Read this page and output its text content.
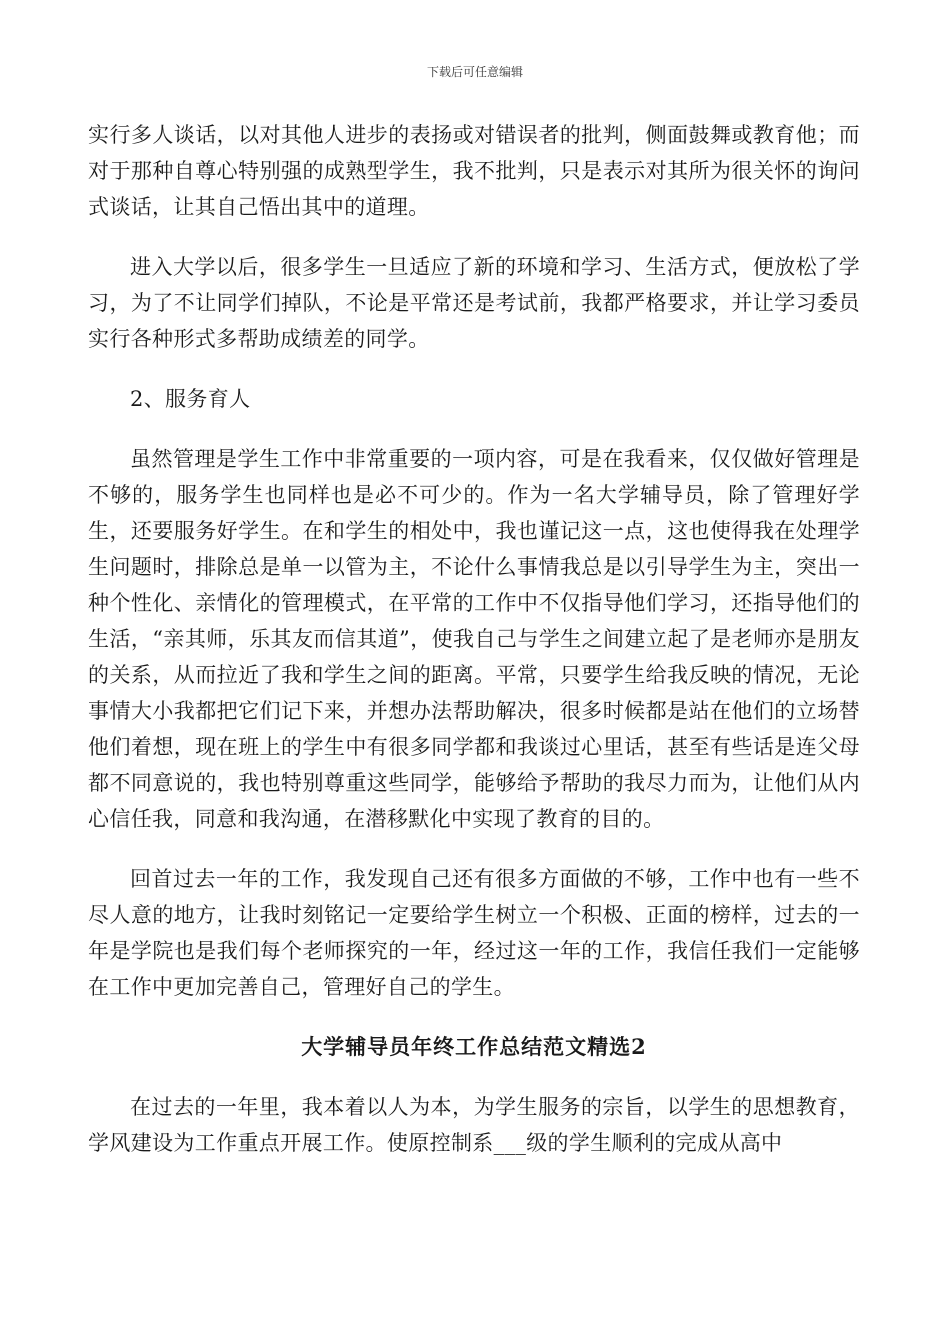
下载后可任意编辑

实行多人谈话，以对其他人进步的表扬或对错误者的批判，侧面鼓舞或教育他；而对于那种自尊心特别强的成熟型学生，我不批判，只是表示对其所为很关怀的询问式谈话，让其自己悟出其中的道理。

进入大学以后，很多学生一旦适应了新的环境和学习、生活方式，便放松了学习，为了不让同学们掉队，不论是平常还是考试前，我都严格要求，并让学习委员实行各种形式多帮助成绩差的同学。

2、服务育人

虽然管理是学生工作中非常重要的一项内容，可是在我看来，仅仅做好管理是不够的，服务学生也同样也是必不可少的。作为一名大学辅导员，除了管理好学生，还要服务好学生。在和学生的相处中，我也谨记这一点，这也使得我在处理学生问题时，排除总是单一以管为主，不论什么事情我总是以引导学生为主，突出一种个性化、亲情化的管理模式，在平常的工作中不仅指导他们学习，还指导他们的生活，“亲其师，乐其友而信其道”，使我自己与学生之间建立起了是老师亦是朋友的关系，从而拉近了我和学生之间的距离。平常，只要学生给我反映的情况，无论事情大小我都把它们记下来，并想办法帮助解决，很多时候都是站在他们的立场替他们着想，现在班上的学生中有很多同学都和我谈过心里话，甚至有些话是连父母都不同意说的，我也特别尊重这些同学，能够给予帮助的我尽力而为，让他们从内心信任我，同意和我沟通，在潜移默化中实现了教育的目的。

回首过去一年的工作，我发现自己还有很多方面做的不够，工作中也有一些不尽人意的地方，让我时刻铭记一定要给学生树立一个积极、正面的榜样，过去的一年是学院也是我们每个老师探究的一年，经过这一年的工作，我信任我们一定能够在工作中更加完善自己，管理好自己的学生。

大学辅导员年终工作总结范文精选2

在过去的一年里，我本着以人为本，为学生服务的宗旨，以学生的思想教育，学风建设为工作重点开展工作。使原控制系___级的学生顺利的完成从高中
